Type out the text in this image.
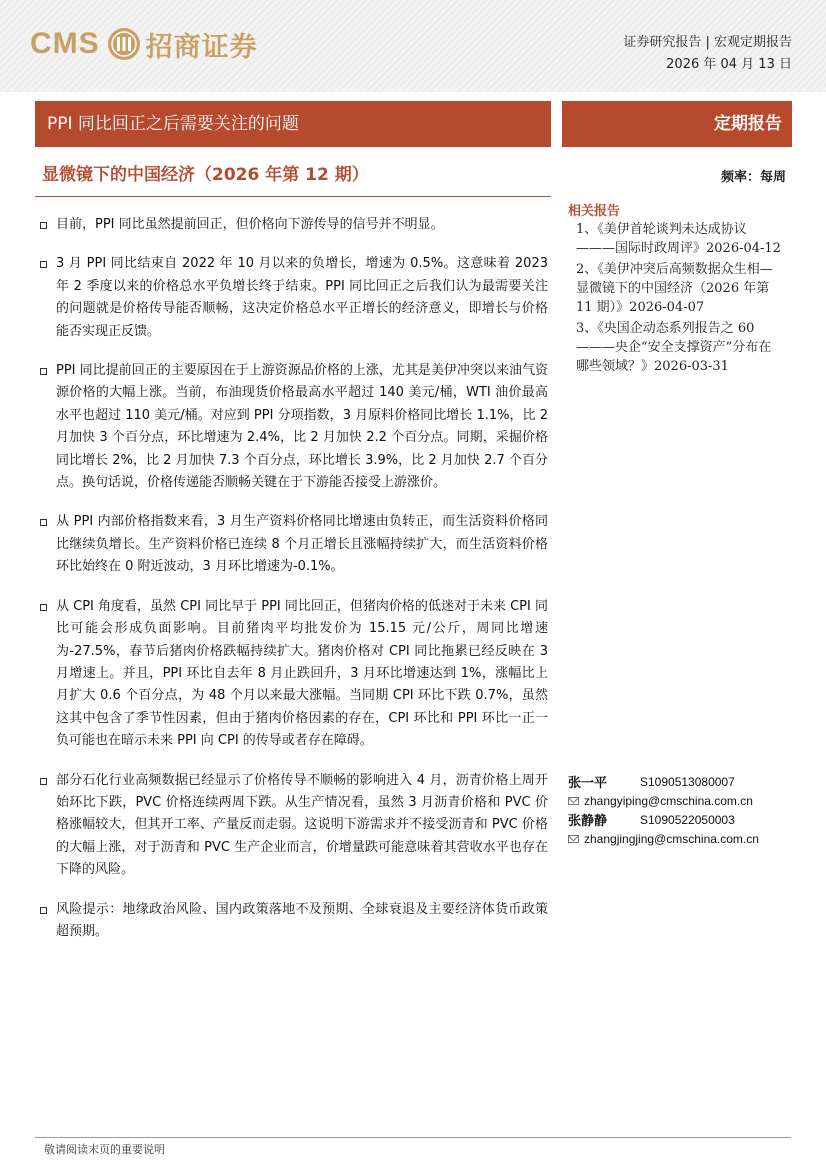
CMS 招商证券	证券研究报告 | 宏观定期报告
2026 年 04 月 13 日
PPI 同比回正之后需要关注的问题	定期报告
显微镜下的中国经济（2026 年第 12 期）
目前，PPI 同比虽然提前回正，但价格向下游传导的信号并不明显。
3 月 PPI 同比结束自 2022 年 10 月以来的负增长，增速为 0.5%。这意味着 2023 年 2 季度以来的价格总水平负增长终于结束。PPI 同比回正之后我们认为最需要关注的问题就是价格传导能否顺畅，这决定价格总水平正增长的经济意义，即增长与价格能否实现正反馈。
PPI 同比提前回正的主要原因在于上游资源品价格的上涨，尤其是美伊冲突以来油气资源价格的大幅上涨。当前，布油现货价格最高水平超过 140 美元/桶，WTI 油价最高水平也超过 110 美元/桶。对应到 PPI 分项指数，3 月原料价格同比增长 1.1%，比 2 月加快 3 个百分点，环比增速为 2.4%，比 2 月加快 2.2 个百分点。同期，采掘价格同比增长 2%，比 2 月加快 7.3 个百分点，环比增长 3.9%，比 2 月加快 2.7 个百分点。换句话说，价格传递能否顺畅关键在于下游能否接受上游涨价。
从 PPI 内部价格指数来看，3 月生产资料价格同比增速由负转正，而生活资料价格同比继续负增长。生产资料价格已连续 8 个月正增长且涨幅持续扩大，而生活资料价格环比始终在 0 附近波动，3 月环比增速为-0.1%。
从 CPI 角度看，虽然 CPI 同比早于 PPI 同比回正，但猪肉价格的低迷对于未来 CPI 同比可能会形成负面影响。目前猪肉平均批发价为 15.15 元/公斤，周同比增速为-27.5%，春节后猪肉价格跌幅持续扩大。猪肉价格对 CPI 同比拖累已经反映在 3 月增速上。并且，PPI 环比自去年 8 月止跌回升，3 月环比增速达到 1%，涨幅比上月扩大 0.6 个百分点，为 48 个月以来最大涨幅。当同期 CPI 环比下跌 0.7%，虽然这其中包含了季节性因素，但由于猪肉价格因素的存在，CPI 环比和 PPI 环比一正一负可能也在暗示未来 PPI 向 CPI 的传导或者存在障碍。
部分石化行业高频数据已经显示了价格传导不顺畅的影响进入 4 月，沥青价格上周开始环比下跌，PVC 价格连续两周下跌。从生产情况看，虽然 3 月沥青价格和 PVC 价格涨幅较大，但其开工率、产量反而走弱。这说明下游需求并不接受沥青和 PVC 价格的大幅上涨，对于沥青和 PVC 生产企业而言，价增量跌可能意味着其营收水平也存在下降的风险。
风险提示：地缘政治风险、国内政策落地不及预期、全球衰退及主要经济体货币政策超预期。
频率：每周
相关报告
1、《美伊首轮谈判未达成协议———国际时政周评》2026-04-12
2、《美伊冲突后高频数据众生相—显微镜下的中国经济（2026 年第 11 期）》2026-04-07
3、《央国企动态系列报告之 60———央企“安全支撑资产”分布在哪些领域？》2026-03-31
张一平	S1090513080007
zhangyiping@cmschina.com.cn
张静静	S1090522050003
zhangjingjing@cmschina.com.cn
敬请阅读末页的重要说明
